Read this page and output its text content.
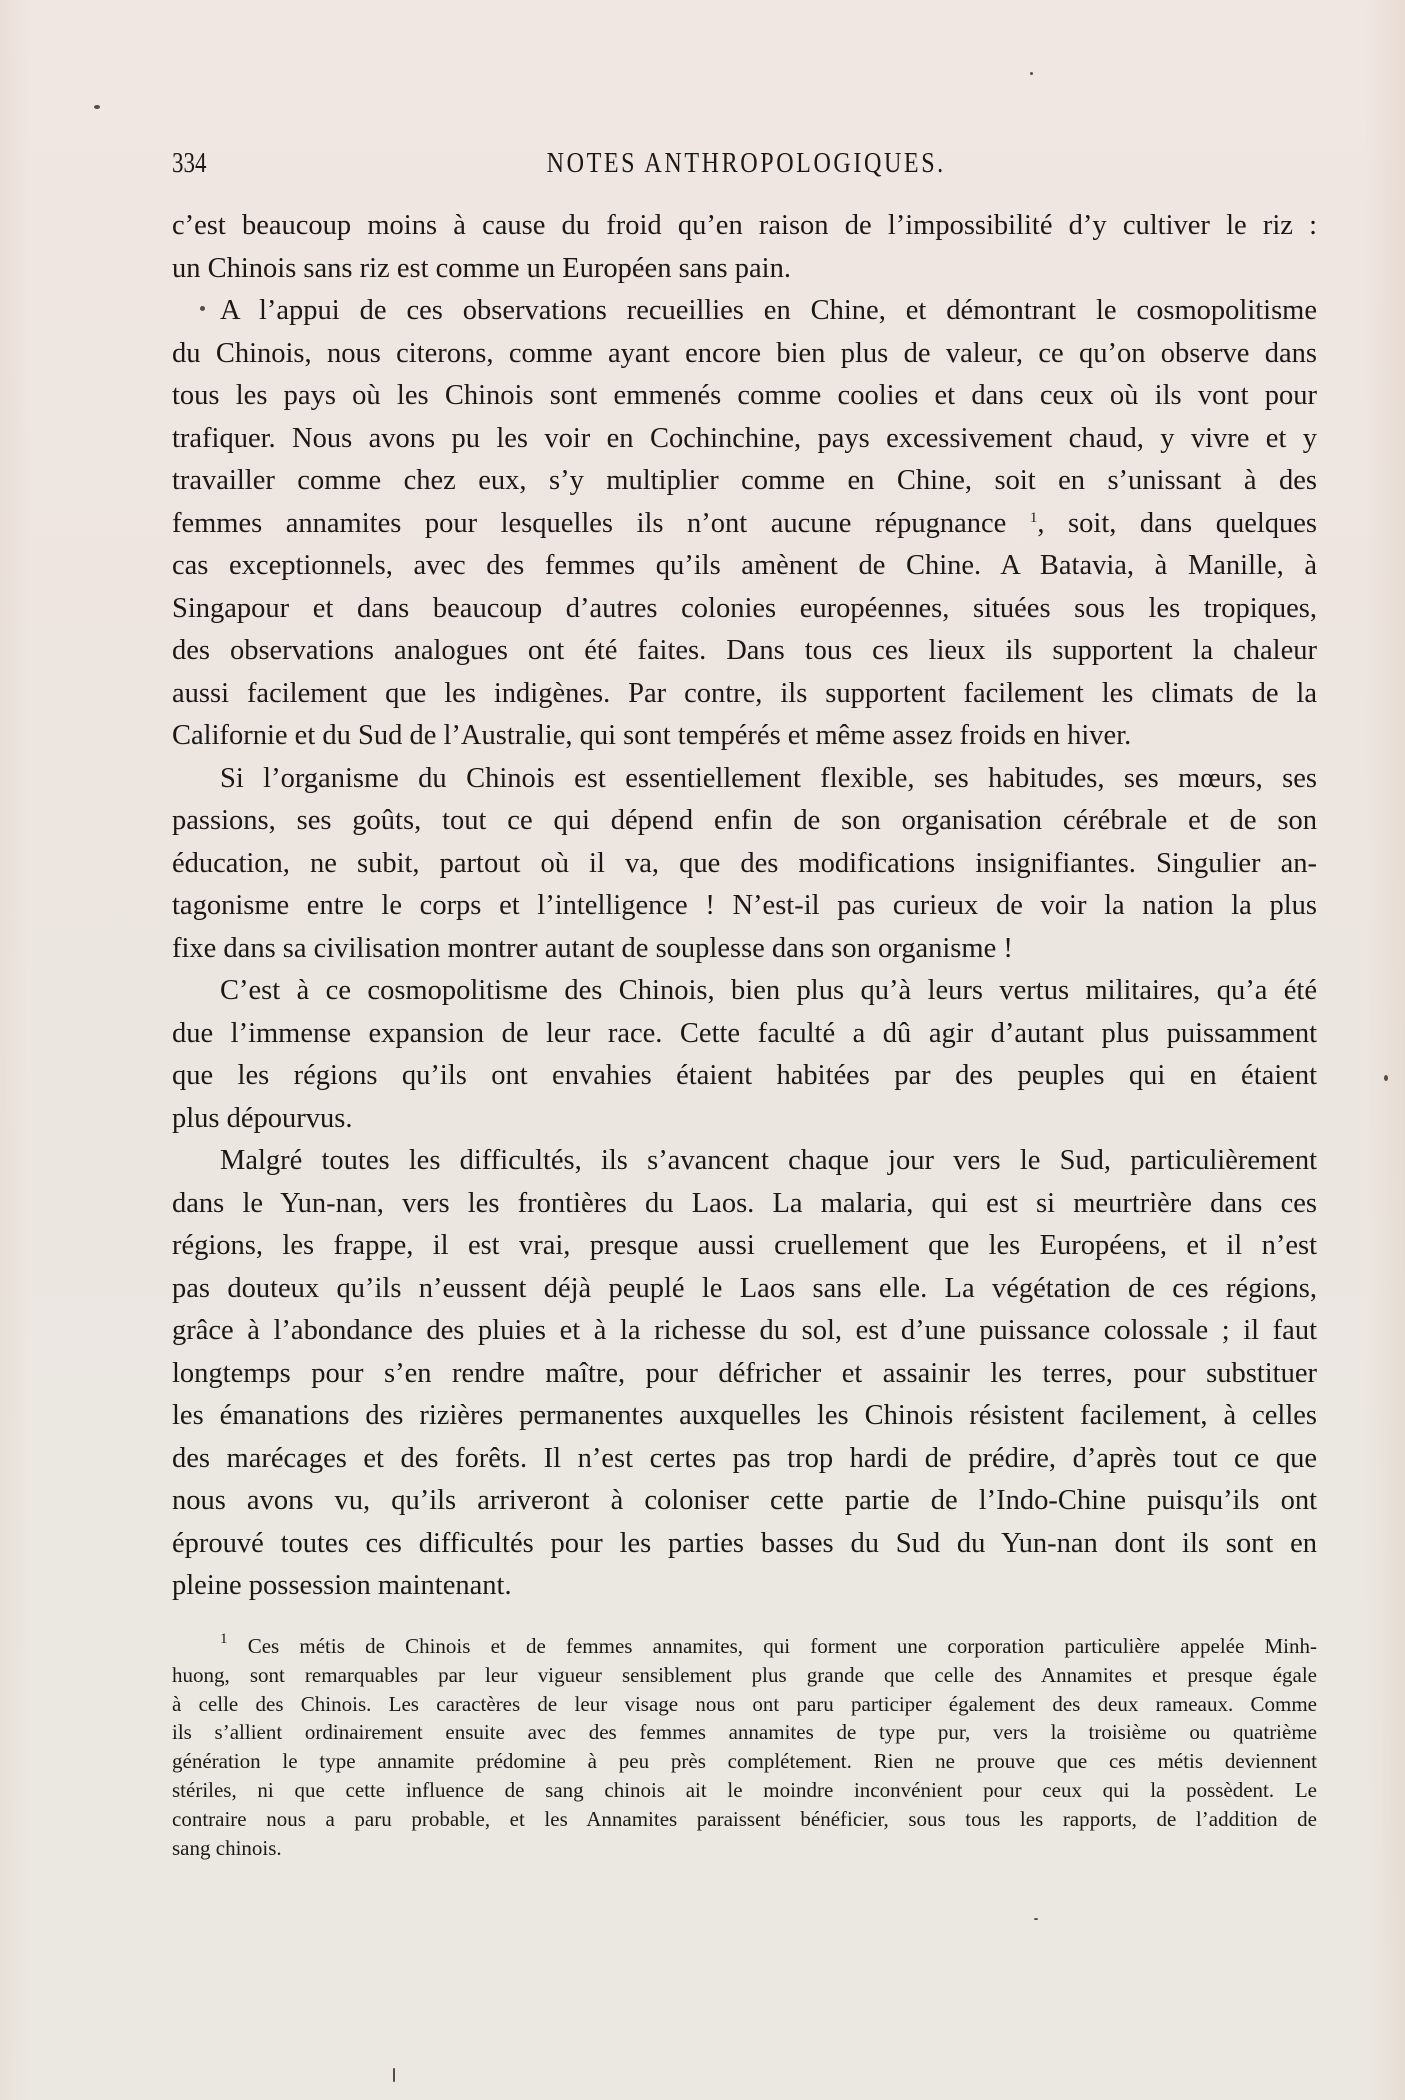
334	NOTES ANTHROPOLOGIQUES.
c’est beaucoup moins à cause du froid qu’en raison de l’impossibilité d’y cultiver le riz :
un Chinois sans riz est comme un Européen sans pain.
A l’appui de ces observations recueillies en Chine, et démontrant le cosmopolitisme
du Chinois, nous citerons, comme ayant encore bien plus de valeur, ce qu’on observe dans
tous les pays où les Chinois sont emmenés comme coolies et dans ceux où ils vont pour
trafiquer. Nous avons pu les voir en Cochinchine, pays excessivement chaud, y vivre et y
travailler comme chez eux, s’y multiplier comme en Chine, soit en s’unissant à des
femmes annamites pour lesquelles ils n’ont aucune répugnance $^1$, soit, dans quelques
cas exceptionnels, avec des femmes qu’ils amènent de Chine. A Batavia, à Manille, à
Singapour et dans beaucoup d’autres colonies européennes, situées sous les tropiques,
des observations analogues ont été faites. Dans tous ces lieux ils supportent la chaleur
aussi facilement que les indigènes. Par contre, ils supportent facilement les climats de la
Californie et du Sud de l’Australie, qui sont tempérés et même assez froids en hiver.
Si l’organisme du Chinois est essentiellement flexible, ses habitudes, ses mœurs, ses
passions, ses goûts, tout ce qui dépend enfin de son organisation cérébrale et de son
éducation, ne subit, partout où il va, que des modifications insignifiantes. Singulier an-
tagonisme entre le corps et l’intelligence ! N’est-il pas curieux de voir la nation la plus
fixe dans sa civilisation montrer autant de souplesse dans son organisme !
C’est à ce cosmopolitisme des Chinois, bien plus qu’à leurs vertus militaires, qu’a été
due l’immense expansion de leur race. Cette faculté a dû agir d’autant plus puissamment
que les régions qu’ils ont envahies étaient habitées par des peuples qui en étaient
plus dépourvus.
Malgré toutes les difficultés, ils s’avancent chaque jour vers le Sud, particulièrement
dans le Yun-nan, vers les frontières du Laos. La malaria, qui est si meurtrière dans ces
régions, les frappe, il est vrai, presque aussi cruellement que les Européens, et il n’est
pas douteux qu’ils n’eussent déjà peuplé le Laos sans elle. La végétation de ces régions,
grâce à l’abondance des pluies et à la richesse du sol, est d’une puissance colossale ; il faut
longtemps pour s’en rendre maître, pour défricher et assainir les terres, pour substituer
les émanations des rizières permanentes auxquelles les Chinois résistent facilement, à celles
des marécages et des forêts. Il n’est certes pas trop hardi de prédire, d’après tout ce que
nous avons vu, qu’ils arriveront à coloniser cette partie de l’Indo-Chine puisqu’ils ont
éprouvé toutes ces difficultés pour les parties basses du Sud du Yun-nan dont ils sont en
pleine possession maintenant.
$^1$ Ces métis de Chinois et de femmes annamites, qui forment une corporation particulière appelée Minh-
huong, sont remarquables par leur vigueur sensiblement plus grande que celle des Annamites et presque égale
à celle des Chinois. Les caractères de leur visage nous ont paru participer également des deux rameaux. Comme
ils s’allient ordinairement ensuite avec des femmes annamites de type pur, vers la troisième ou quatrième
génération le type annamite prédomine à peu près complétement. Rien ne prouve que ces métis deviennent
stériles, ni que cette influence de sang chinois ait le moindre inconvénient pour ceux qui la possèdent. Le
contraire nous a paru probable, et les Annamites paraissent bénéficier, sous tous les rapports, de l’addition de
sang chinois.
